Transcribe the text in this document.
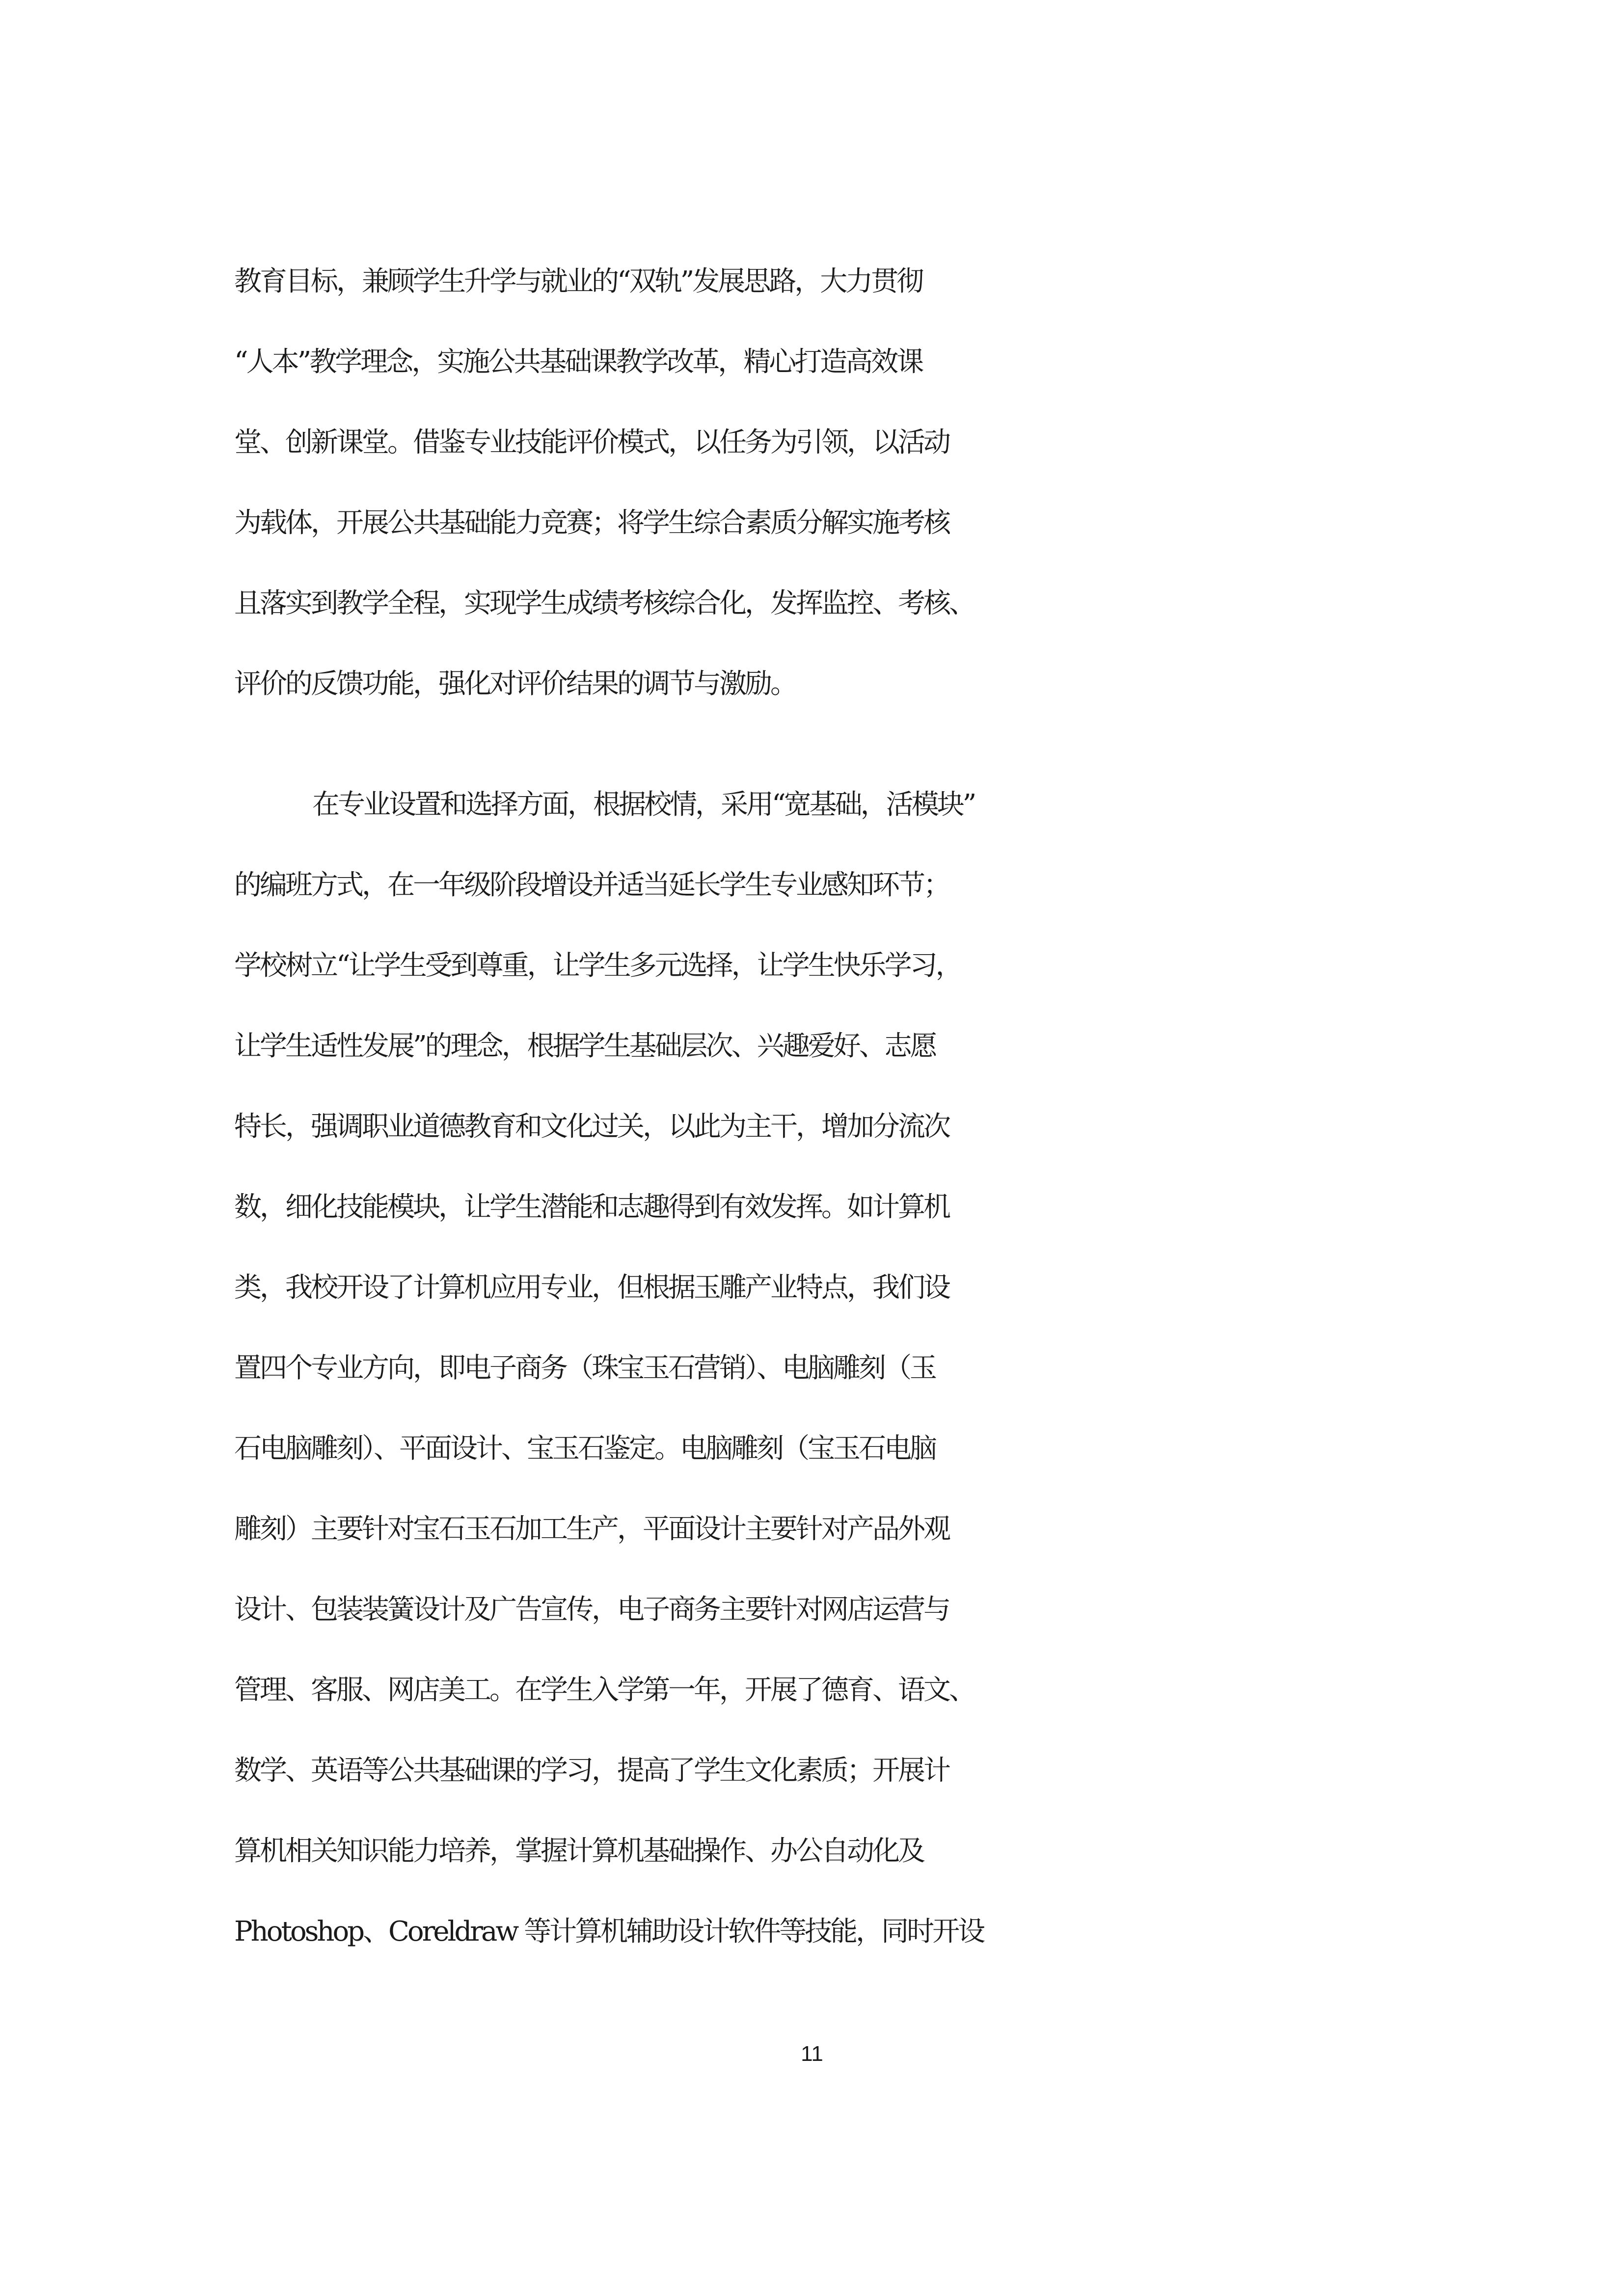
教育目标，兼顾学生升学与就业的“双轨”发展思路，大力贯彻
“人本”教学理念，实施公共基础课教学改革，精心打造高效课
堂、创新课堂。借鉴专业技能评价模式，以任务为引领，以活动
为载体，开展公共基础能力竞赛；将学生综合素质分解实施考核
且落实到教学全程，实现学生成绩考核综合化，发挥监控、考核、
评价的反馈功能，强化对评价结果的调节与激励。
在专业设置和选择方面，根据校情，采用“宽基础，活模块”
的编班方式，在一年级阶段增设并适当延长学生专业感知环节；
学校树立“让学生受到尊重，让学生多元选择，让学生快乐学习，
让学生适性发展”的理念，根据学生基础层次、兴趣爱好、志愿
特长，强调职业道德教育和文化过关，以此为主干，增加分流次
数，细化技能模块，让学生潜能和志趣得到有效发挥。如计算机
类，我校开设了计算机应用专业，但根据玉雕产业特点，我们设
置四个专业方向，即电子商务（珠宝玉石营销）、电脑雕刻（玉
石电脑雕刻）、平面设计、宝玉石鉴定。电脑雕刻（宝玉石电脑
雕刻）主要针对宝石玉石加工生产，平面设计主要针对产品外观
设计、包装装簧设计及广告宣传，电子商务主要针对网店运营与
管理、客服、网店美工。在学生入学第一年，开展了德育、语文、
数学、英语等公共基础课的学习，提高了学生文化素质；开展计
算机相关知识能力培养，掌握计算机基础操作、办公自动化及
Photoshop、Coreldraw 等计算机辅助设计软件等技能，同时开设
11
